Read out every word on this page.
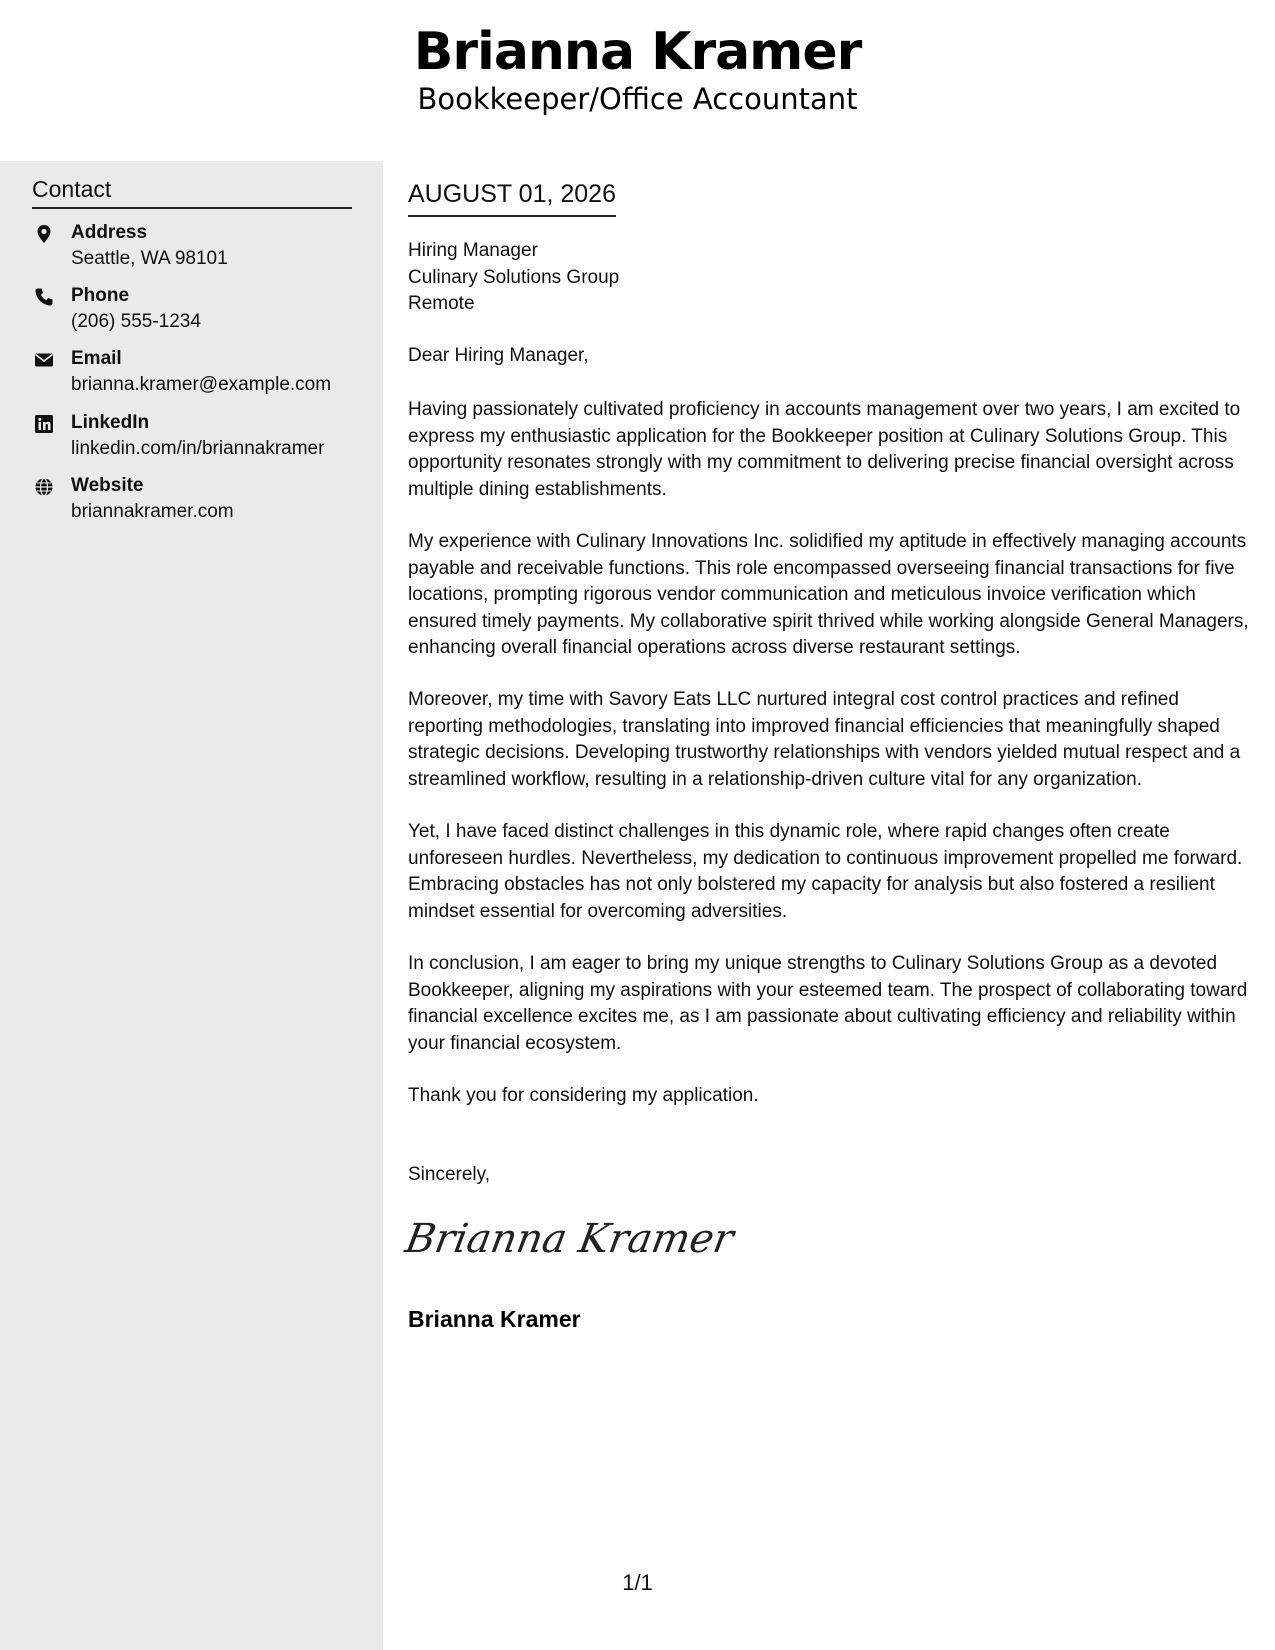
Brianna Kramer
Bookkeeper/Office Accountant
Contact
Address
Seattle, WA 98101
Phone
(206) 555-1234
Email
brianna.kramer@example.com
LinkedIn
linkedin.com/in/briannakramer
Website
briannakramer.com
AUGUST 01, 2026
Hiring Manager
Culinary Solutions Group
Remote
Dear Hiring Manager,

Having passionately cultivated proficiency in accounts management over two years, I am excited to express my enthusiastic application for the Bookkeeper position at Culinary Solutions Group. This opportunity resonates strongly with my commitment to delivering precise financial oversight across multiple dining establishments.

My experience with Culinary Innovations Inc. solidified my aptitude in effectively managing accounts payable and receivable functions. This role encompassed overseeing financial transactions for five locations, prompting rigorous vendor communication and meticulous invoice verification which ensured timely payments. My collaborative spirit thrived while working alongside General Managers, enhancing overall financial operations across diverse restaurant settings.

Moreover, my time with Savory Eats LLC nurtured integral cost control practices and refined reporting methodologies, translating into improved financial efficiencies that meaningfully shaped strategic decisions. Developing trustworthy relationships with vendors yielded mutual respect and a streamlined workflow, resulting in a relationship-driven culture vital for any organization.

Yet, I have faced distinct challenges in this dynamic role, where rapid changes often create unforeseen hurdles. Nevertheless, my dedication to continuous improvement propelled me forward. Embracing obstacles has not only bolstered my capacity for analysis but also fostered a resilient mindset essential for overcoming adversities.

In conclusion, I am eager to bring my unique strengths to Culinary Solutions Group as a devoted Bookkeeper, aligning my aspirations with your esteemed team. The prospect of collaborating toward financial excellence excites me, as I am passionate about cultivating efficiency and reliability within your financial ecosystem.

Thank you for considering my application.

Sincerely,
Brianna Kramer
Brianna Kramer
1/1
